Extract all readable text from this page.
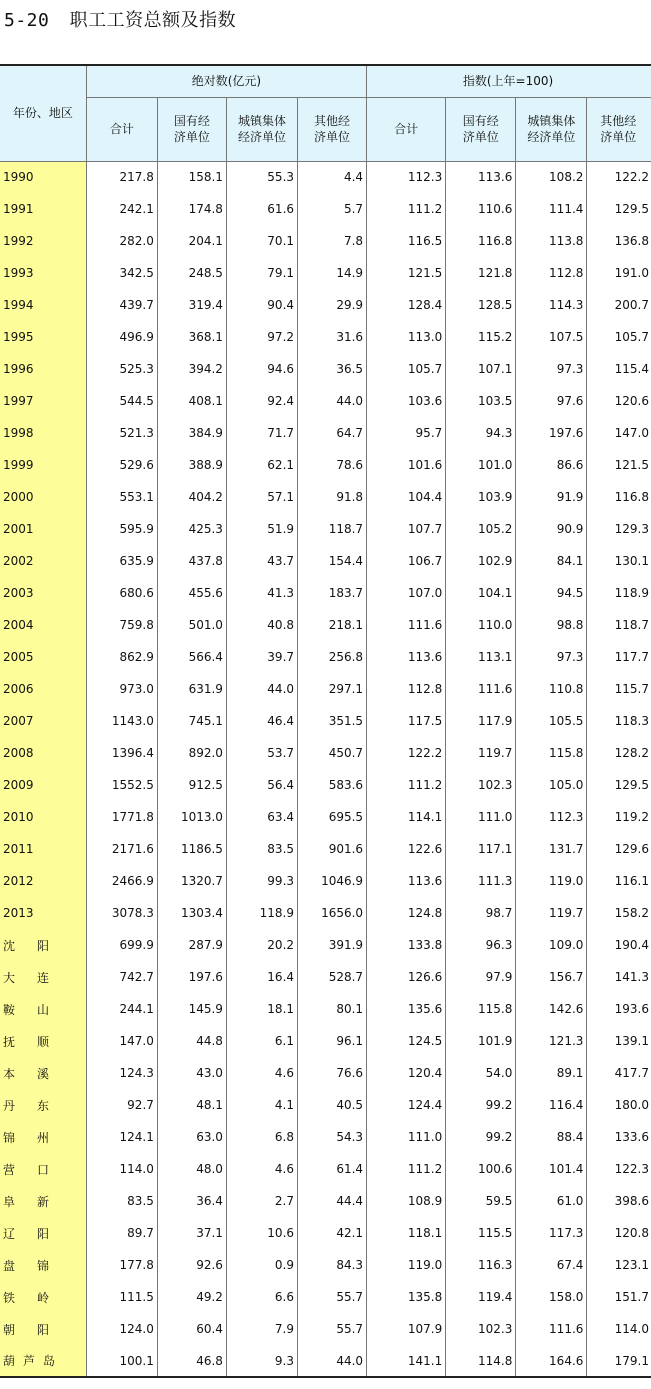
5-20 职工工资总额及指数
年份、地区	绝对数(亿元)				指数(上年=100)			
	合计	国有经济单位	城镇集体经济单位	其他经济单位	合计	国有经济单位	城镇集体经济单位	其他经济单位
1990	217.8	158.1	55.3	4.4	112.3	113.6	108.2	122.2
1991	242.1	174.8	61.6	5.7	111.2	110.6	111.4	129.5
1992	282.0	204.1	70.1	7.8	116.5	116.8	113.8	136.8
1993	342.5	248.5	79.1	14.9	121.5	121.8	112.8	191.0
1994	439.7	319.4	90.4	29.9	128.4	128.5	114.3	200.7
1995	496.9	368.1	97.2	31.6	113.0	115.2	107.5	105.7
1996	525.3	394.2	94.6	36.5	105.7	107.1	97.3	115.4
1997	544.5	408.1	92.4	44.0	103.6	103.5	97.6	120.6
1998	521.3	384.9	71.7	64.7	95.7	94.3	197.6	147.0
1999	529.6	388.9	62.1	78.6	101.6	101.0	86.6	121.5
2000	553.1	404.2	57.1	91.8	104.4	103.9	91.9	116.8
2001	595.9	425.3	51.9	118.7	107.7	105.2	90.9	129.3
2002	635.9	437.8	43.7	154.4	106.7	102.9	84.1	130.1
2003	680.6	455.6	41.3	183.7	107.0	104.1	94.5	118.9
2004	759.8	501.0	40.8	218.1	111.6	110.0	98.8	118.7
2005	862.9	566.4	39.7	256.8	113.6	113.1	97.3	117.7
2006	973.0	631.9	44.0	297.1	112.8	111.6	110.8	115.7
2007	1143.0	745.1	46.4	351.5	117.5	117.9	105.5	118.3
2008	1396.4	892.0	53.7	450.7	122.2	119.7	115.8	128.2
2009	1552.5	912.5	56.4	583.6	111.2	102.3	105.0	129.5
2010	1771.8	1013.0	63.4	695.5	114.1	111.0	112.3	119.2
2011	2171.6	1186.5	83.5	901.6	122.6	117.1	131.7	129.6
2012	2466.9	1320.7	99.3	1046.9	113.6	111.3	119.0	116.1
2013	3078.3	1303.4	118.9	1656.0	124.8	98.7	119.7	158.2
沈阳	699.9	287.9	20.2	391.9	133.8	96.3	109.0	190.4
大连	742.7	197.6	16.4	528.7	126.6	97.9	156.7	141.3
鞍山	244.1	145.9	18.1	80.1	135.6	115.8	142.6	193.6
抚顺	147.0	44.8	6.1	96.1	124.5	101.9	121.3	139.1
本溪	124.3	43.0	4.6	76.6	120.4	54.0	89.1	417.7
丹东	92.7	48.1	4.1	40.5	124.4	99.2	116.4	180.0
锦州	124.1	63.0	6.8	54.3	111.0	99.2	88.4	133.6
营口	114.0	48.0	4.6	61.4	111.2	100.6	101.4	122.3
阜新	83.5	36.4	2.7	44.4	108.9	59.5	61.0	398.6
辽阳	89.7	37.1	10.6	42.1	118.1	115.5	117.3	120.8
盘锦	177.8	92.6	0.9	84.3	119.0	116.3	67.4	123.1
铁岭	111.5	49.2	6.6	55.7	135.8	119.4	158.0	151.7
朝阳	124.0	60.4	7.9	55.7	107.9	102.3	111.6	114.0
葫芦岛	100.1	46.8	9.3	44.0	141.1	114.8	164.6	179.1
